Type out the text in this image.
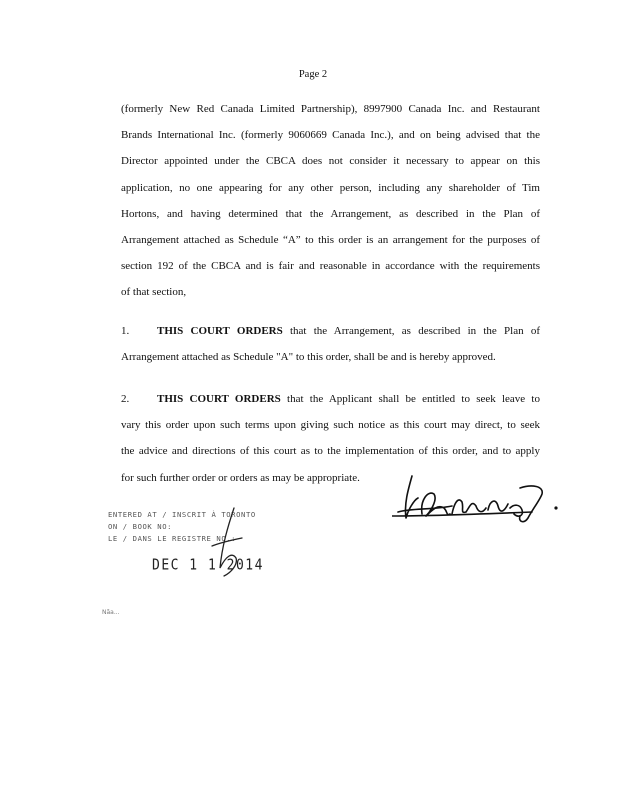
Page 2
(formerly New Red Canada Limited Partnership), 8997900 Canada Inc. and Restaurant
Brands International Inc. (formerly 9060669 Canada Inc.), and on being advised that the
Director appointed under the CBCA does not consider it necessary to appear on this
application, no one appearing for any other person, including any shareholder of Tim
Hortons, and having determined that the Arrangement, as described in the Plan of
Arrangement attached as Schedule “A” to this order is an arrangement for the purposes of
section 192 of the CBCA and is fair and reasonable in accordance with the requirements
of that section,
1.	THIS COURT ORDERS that the Arrangement, as described in the Plan of
Arrangement attached as Schedule "A" to this order, shall be and is hereby approved.
2.	THIS COURT ORDERS that the Applicant shall be entitled to seek leave to
vary this order upon such terms upon giving such notice as this court may direct, to seek
the advice and directions of this court as to the implementation of this order, and to apply
for such further order or orders as may be appropriate.
ENTERED AT / INSCRIT À TORONTO
ON / BOOK NO:
LE / DANS LE REGISTRE NO.:
DEC 1 1 2014
Nãa...
